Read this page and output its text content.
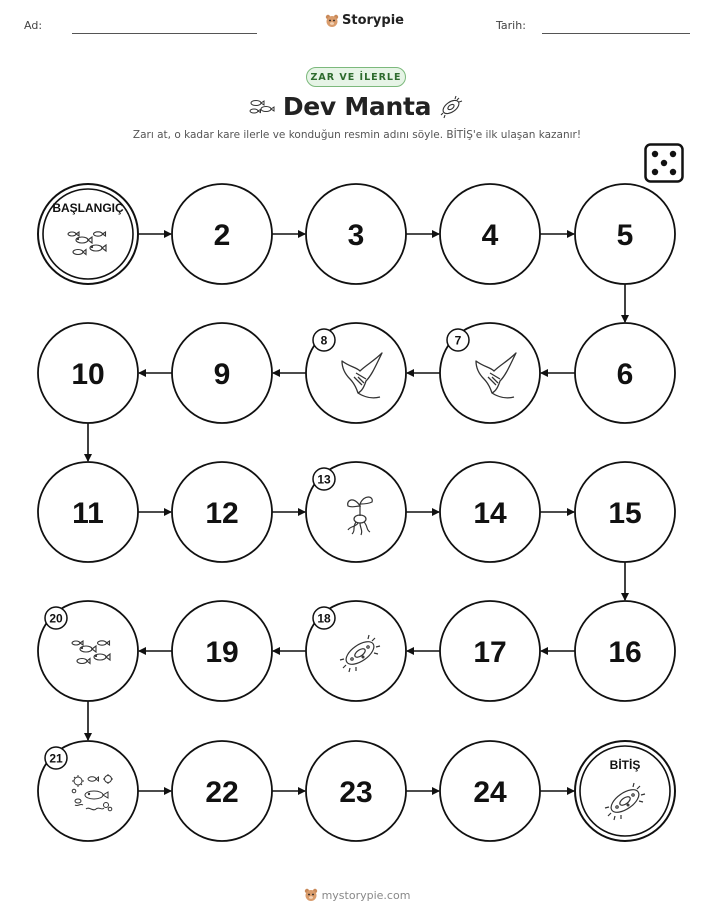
Ad:	Storypie	Tarih:
ZAR VE İLERLE
Dev Manta
Zarı at, o kadar kare ilerle ve konduğun resmin adını söyle. BİTİŞ'e ilk ulaşan kazanır!
BAŞLANGIÇ
2	3	4	5
6
7
8
9
10
11	12
13
14	15
16
17
18
19
20
21
22	23	24
BİTİŞ
mystorypie.com
